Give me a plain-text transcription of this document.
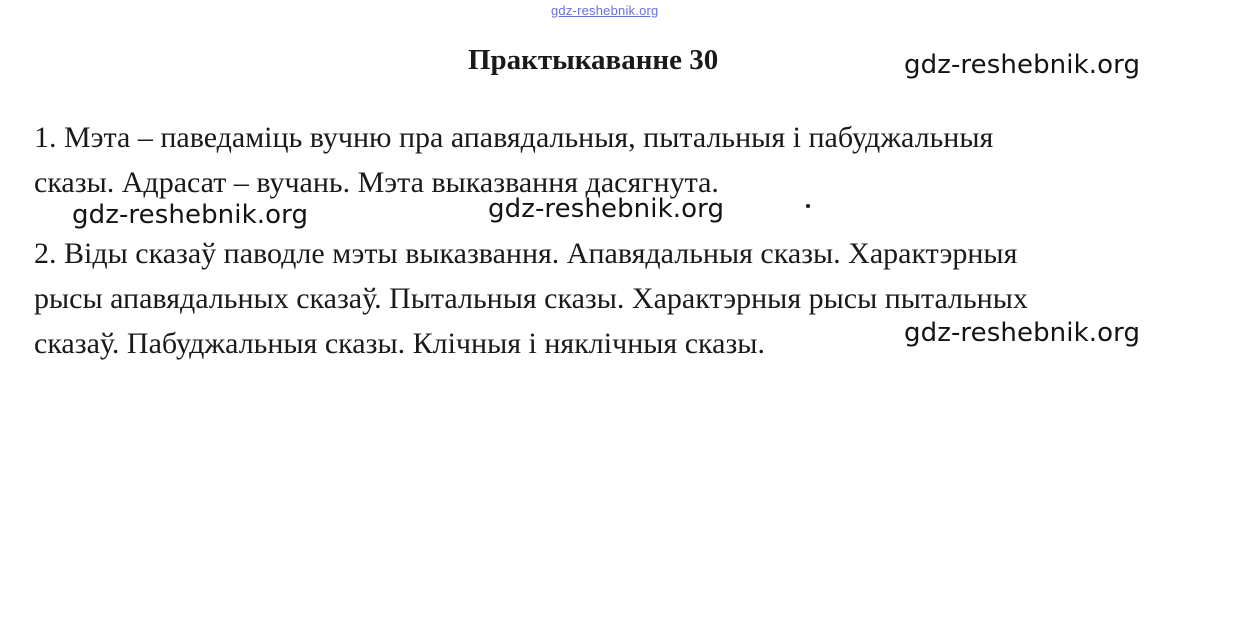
gdz-reshebnik.org
Практыкаванне 30

1. Мэта – паведаміць вучню пра апавядальныя, пытальныя і пабуджальныя
сказы. Адрасат – вучань. Мэта выказвання дасягнута.

2. Віды сказаў паводле мэты выказвання. Апавядальныя сказы. Характэрныя
рысы апавядальных сказаў. Пытальныя сказы. Характэрныя рысы пытальных
сказаў. Пабуджальныя сказы. Клічныя і няклічныя сказы.

gdz-reshebnik.org
gdz-reshebnik.org	gdz-reshebnik.org
gdz-reshebnik.org
